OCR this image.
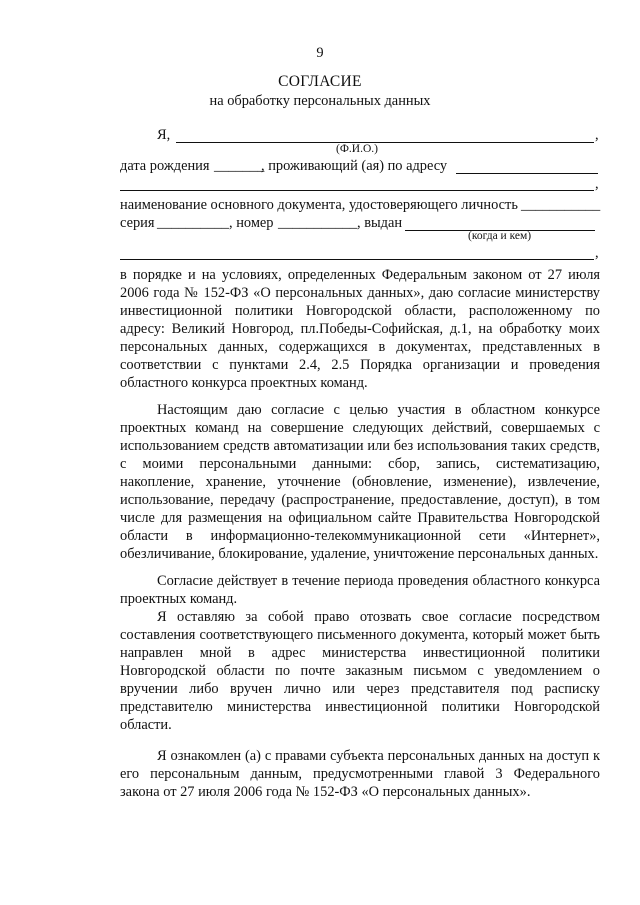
9
СОГЛАСИЕ
на обработку персональных данных
Я,	,
(Ф.И.О.)
дата рождения _______
, проживающий (ая) по адресу
,
наименование основного документа, удостоверяющего личность ___________
серия __________ , номер ___________ , выдан
(когда и кем)
,
в порядке и на условиях, определенных Федеральным законом от 27 июля
2006 года № 152-ФЗ «О персональных данных», даю согласие министерству
инвестиционной политики Новгородской области, расположенному по
адресу: Великий Новгород, пл.Победы-Софийская, д.1, на обработку моих
персональных данных, содержащихся в документах, представленных в
соответствии с пунктами 2.4, 2.5 Порядка организации и проведения
областного конкурса проектных команд.
Настоящим даю согласие с целью участия в областном конкурсе
проектных команд на совершение следующих действий, совершаемых с
использованием средств автоматизации или без использования таких средств,
с моими персональными данными: сбор, запись, систематизацию,
накопление, хранение, уточнение (обновление, изменение), извлечение,
использование, передачу (распространение, предоставление, доступ), в том
числе для размещения на официальном сайте Правительства Новгородской
области в информационно-телекоммуникационной сети «Интернет»,
обезличивание, блокирование, удаление, уничтожение персональных данных.
Согласие действует в течение периода проведения областного конкурса
проектных команд.
Я оставляю за собой право отозвать свое согласие посредством
составления соответствующего письменного документа, который может быть
направлен мной в адрес министерства инвестиционной политики
Новгородской области по почте заказным письмом с уведомлением о
вручении либо вручен лично или через представителя под расписку
представителю министерства инвестиционной политики Новгородской
области.
Я ознакомлен (а) с правами субъекта персональных данных на доступ к
его персональным данным, предусмотренными главой 3 Федерального
закона от 27 июля 2006 года № 152-ФЗ «О персональных данных».
